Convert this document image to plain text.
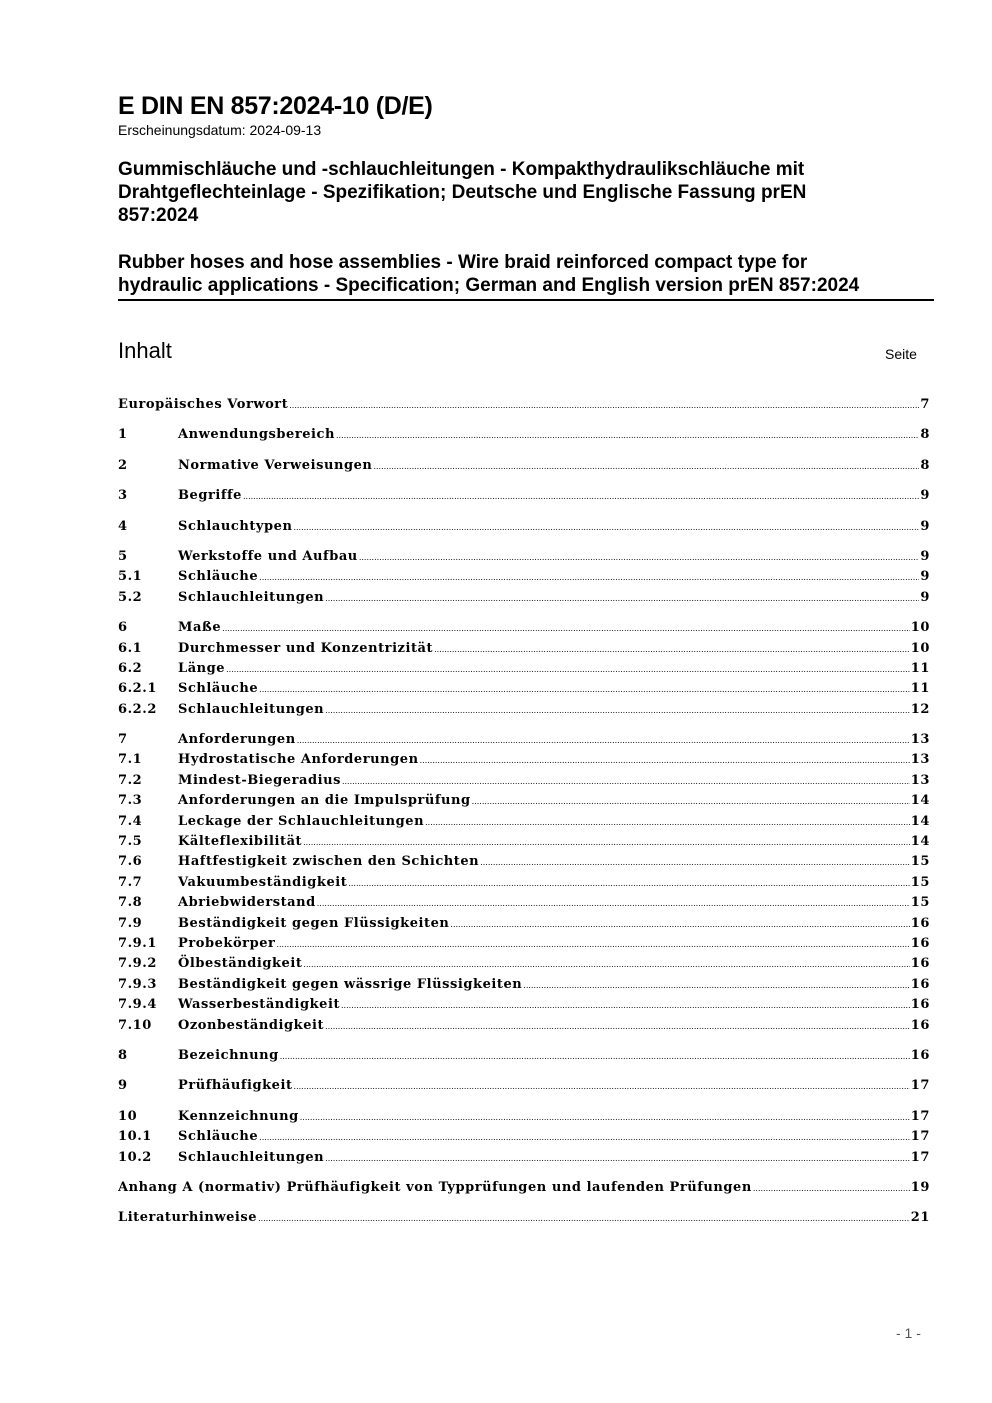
E DIN EN 857:2024-10 (D/E)
Erscheinungsdatum: 2024-09-13
Gummischläuche und -schlauchleitungen - Kompakthydraulikschläuche mit
Drahtgeflechteinlage - Spezifikation; Deutsche und Englische Fassung prEN
857:2024
Rubber hoses and hose assemblies - Wire braid reinforced compact type for
hydraulic applications - Specification; German and English version prEN 857:2024
Inhalt	Seite
Europäisches Vorwort .....	7
1	Anwendungsbereich .....	8
2	Normative Verweisungen .....	8
3	Begriffe .....	9
4	Schlauchtypen .....	9
5	Werkstoffe und Aufbau .....	9
5.1	Schläuche .....	9
5.2	Schlauchleitungen .....	9
6	Maße .....	10
6.1	Durchmesser und Konzentrizität .....	10
6.2	Länge .....	11
6.2.1	Schläuche .....	11
6.2.2	Schlauchleitungen .....	12
7	Anforderungen .....	13
7.1	Hydrostatische Anforderungen .....	13
7.2	Mindest-Biegeradius .....	13
7.3	Anforderungen an die Impulsprüfung .....	14
7.4	Leckage der Schlauchleitungen .....	14
7.5	Kälteflexibilität .....	14
7.6	Haftfestigkeit zwischen den Schichten .....	15
7.7	Vakuumbeständigkeit .....	15
7.8	Abriebwiderstand .....	15
7.9	Beständigkeit gegen Flüssigkeiten .....	16
7.9.1	Probekörper .....	16
7.9.2	Ölbeständigkeit .....	16
7.9.3	Beständigkeit gegen wässrige Flüssigkeiten .....	16
7.9.4	Wasserbeständigkeit .....	16
7.10	Ozonbeständigkeit .....	16
8	Bezeichnung .....	16
9	Prüfhäufigkeit .....	17
10	Kennzeichnung .....	17
10.1	Schläuche .....	17
10.2	Schlauchleitungen .....	17
Anhang A (normativ) Prüfhäufigkeit von Typprüfungen und laufenden Prüfungen .....	19
Literaturhinweise .....	21
- 1 -
